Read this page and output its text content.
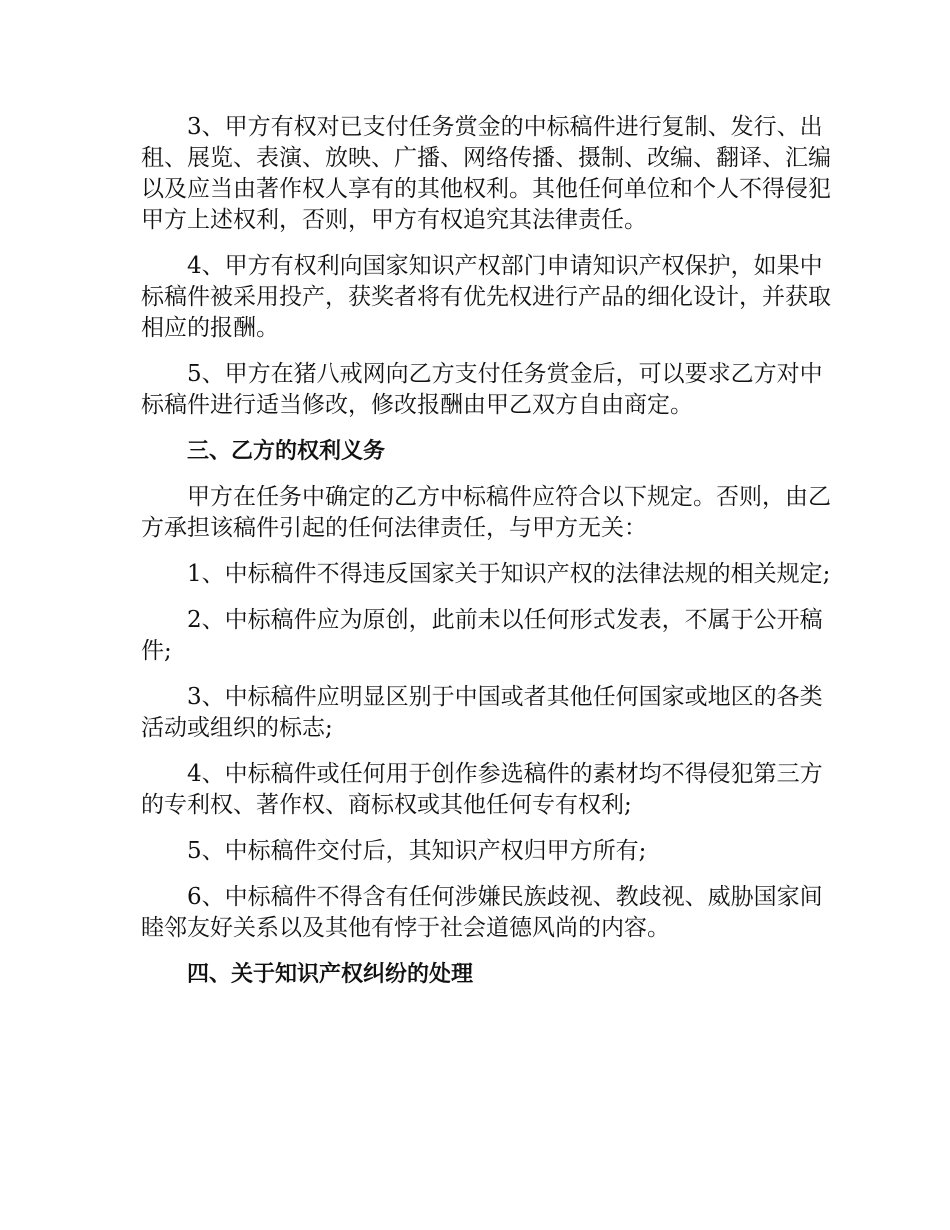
3、甲方有权对已支付任务赏金的中标稿件进行复制、发行、出租、展览、表演、放映、广播、网络传播、摄制、改编、翻译、汇编以及应当由著作权人享有的其他权利。其他任何单位和个人不得侵犯甲方上述权利，否则，甲方有权追究其法律责任。

4、甲方有权利向国家知识产权部门申请知识产权保护，如果中标稿件被采用投产，获奖者将有优先权进行产品的细化设计，并获取相应的报酬。

5、甲方在猪八戒网向乙方支付任务赏金后，可以要求乙方对中标稿件进行适当修改，修改报酬由甲乙双方自由商定。

三、乙方的权利义务

甲方在任务中确定的乙方中标稿件应符合以下规定。否则，由乙方承担该稿件引起的任何法律责任，与甲方无关：

1、中标稿件不得违反国家关于知识产权的法律法规的相关规定;

2、中标稿件应为原创，此前未以任何形式发表，不属于公开稿件;

3、中标稿件应明显区别于中国或者其他任何国家或地区的各类活动或组织的标志;

4、中标稿件或任何用于创作参选稿件的素材均不得侵犯第三方的专利权、著作权、商标权或其他任何专有权利;

5、中标稿件交付后，其知识产权归甲方所有;

6、中标稿件不得含有任何涉嫌民族歧视、教歧视、威胁国家间睦邻友好关系以及其他有悖于社会道德风尚的内容。

四、关于知识产权纠纷的处理
